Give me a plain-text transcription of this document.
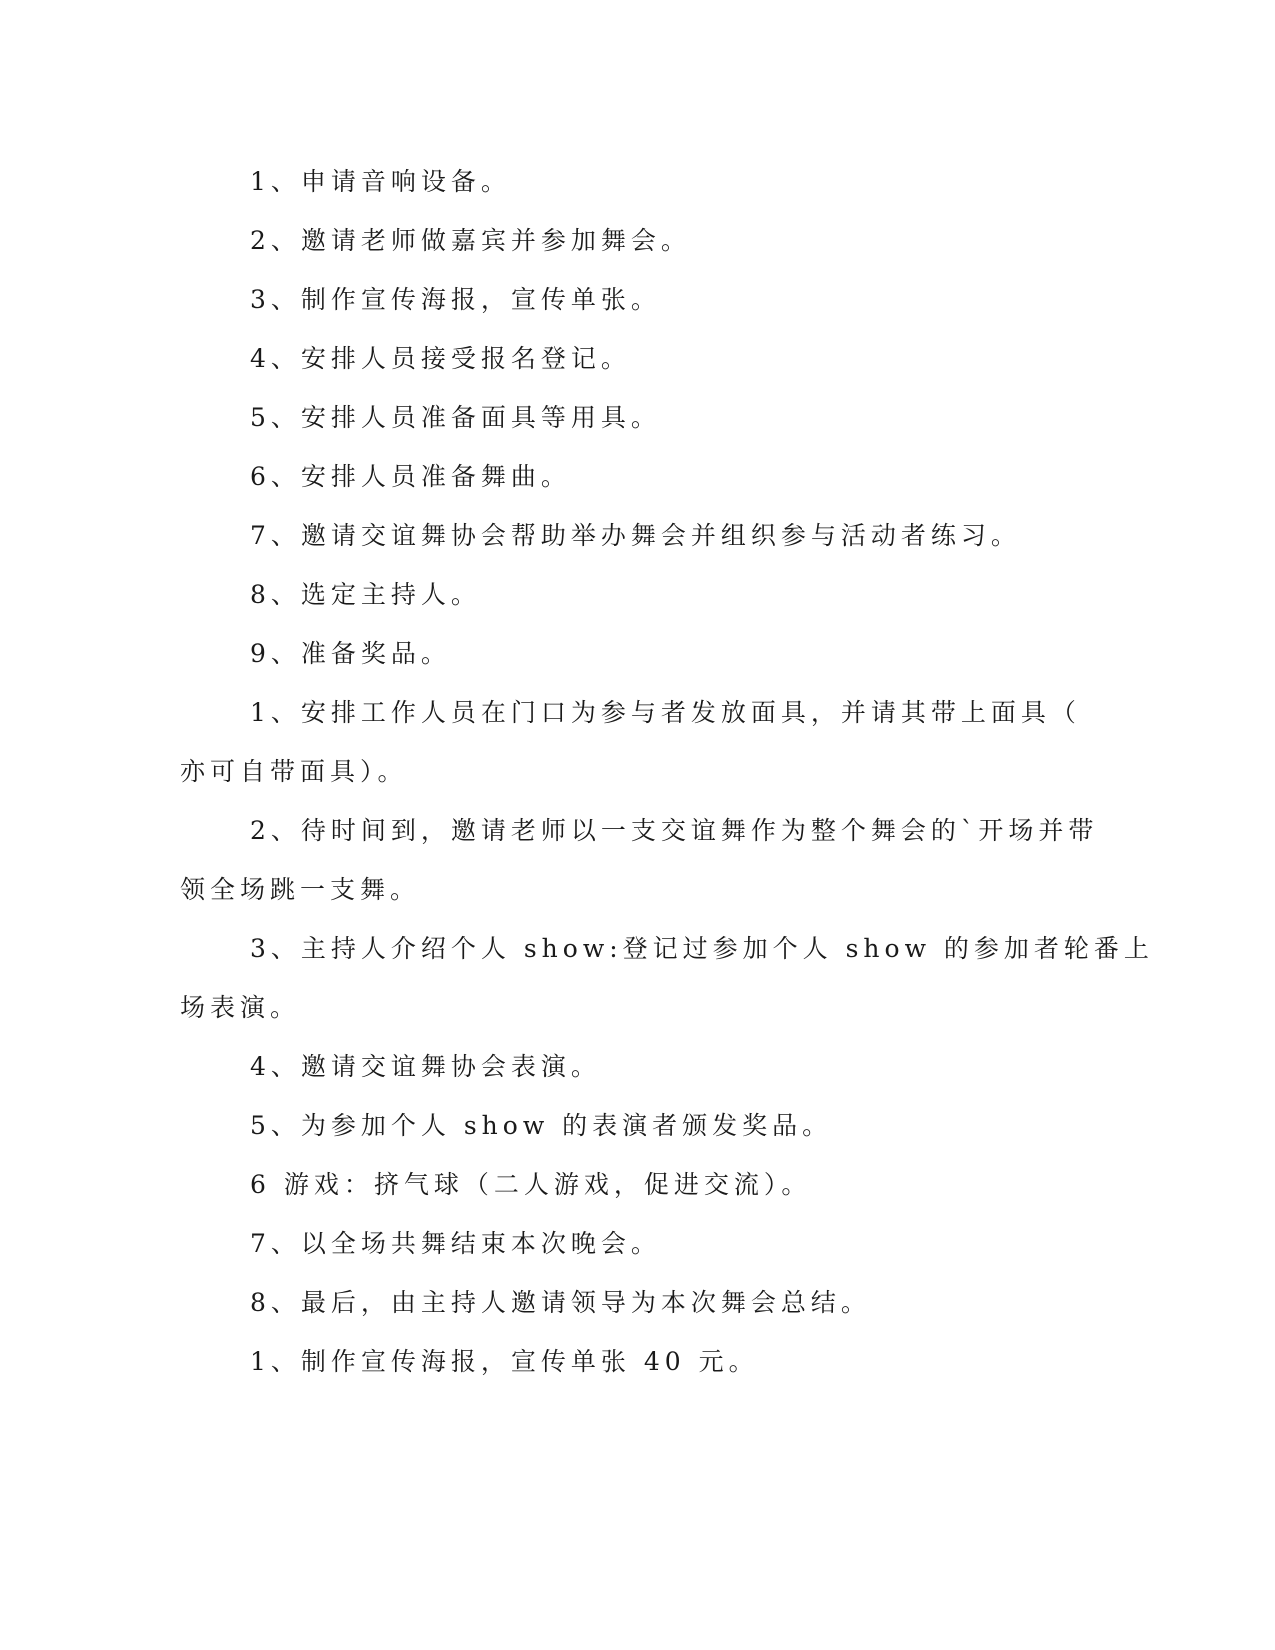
1、申请音响设备。
2、邀请老师做嘉宾并参加舞会。
3、制作宣传海报，宣传单张。
4、安排人员接受报名登记。
5、安排人员准备面具等用具。
6、安排人员准备舞曲。
7、邀请交谊舞协会帮助举办舞会并组织参与活动者练习。
8、选定主持人。
9、准备奖品。
1、安排工作人员在门口为参与者发放面具，并请其带上面具（
亦可自带面具）。
2、待时间到，邀请老师以一支交谊舞作为整个舞会的`开场并带
领全场跳一支舞。
3、主持人介绍个人 show:登记过参加个人 show 的参加者轮番上
场表演。
4、邀请交谊舞协会表演。
5、为参加个人 show 的表演者颁发奖品。
6 游戏：挤气球（二人游戏，促进交流）。
7、以全场共舞结束本次晚会。
8、最后，由主持人邀请领导为本次舞会总结。
1、制作宣传海报，宣传单张 40 元。
